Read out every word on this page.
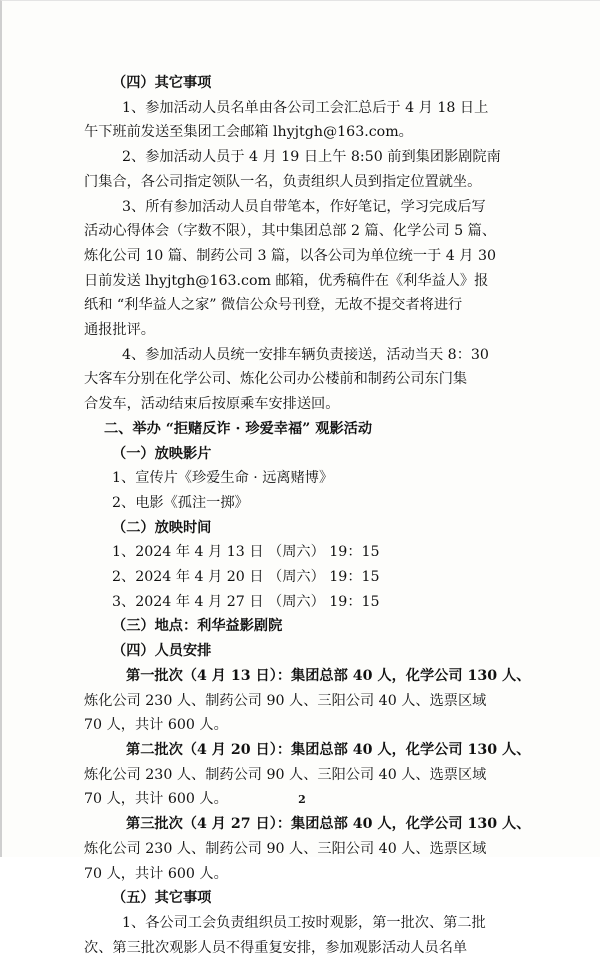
（四）其它事项
1、参加活动人员名单由各公司工会汇总后于 4 月 18 日上
午下班前发送至集团工会邮箱 lhyjtgh@163.com。
2、参加活动人员于 4 月 19 日上午 8:50 前到集团影剧院南
门集合，各公司指定领队一名，负责组织人员到指定位置就坐。
3、所有参加活动人员自带笔本，作好笔记，学习完成后写
活动心得体会（字数不限），其中集团总部 2 篇、化学公司 5 篇、
炼化公司 10 篇、制药公司 3 篇，以各公司为单位统一于 4 月 30
日前发送 lhyjtgh@163.com 邮箱，优秀稿件在《利华益人》报
纸和 “利华益人之家” 微信公众号刊登，无故不提交者将进行
通报批评。
4、参加活动人员统一安排车辆负责接送，活动当天 8：30
大客车分别在化学公司、炼化公司办公楼前和制药公司东门集
合发车，活动结束后按原乘车安排送回。
二、举办 “拒赌反诈 · 珍爱幸福” 观影活动
（一）放映影片
1、宣传片《珍爱生命 · 远离赌博》
2、电影《孤注一掷》
（二）放映时间
1、2024 年 4 月 13 日 （周六） 19：15
2、2024 年 4 月 20 日 （周六） 19：15
3、2024 年 4 月 27 日 （周六） 19：15
（三）地点：利华益影剧院
（四）人员安排
第一批次（4 月 13 日）：集团总部 40 人，化学公司 130 人、
炼化公司 230 人、制药公司 90 人、三阳公司 40 人、选票区域
70 人，共计 600 人。
第二批次（4 月 20 日）：集团总部 40 人，化学公司 130 人、
炼化公司 230 人、制药公司 90 人、三阳公司 40 人、选票区域
70 人，共计 600 人。
第三批次（4 月 27 日）：集团总部 40 人，化学公司 130 人、
炼化公司 230 人、制药公司 90 人、三阳公司 40 人、选票区域
70 人，共计 600 人。
（五）其它事项
1、各公司工会负责组织员工按时观影，第一批次、第二批
次、第三批次观影人员不得重复安排，参加观影活动人员名单
2
